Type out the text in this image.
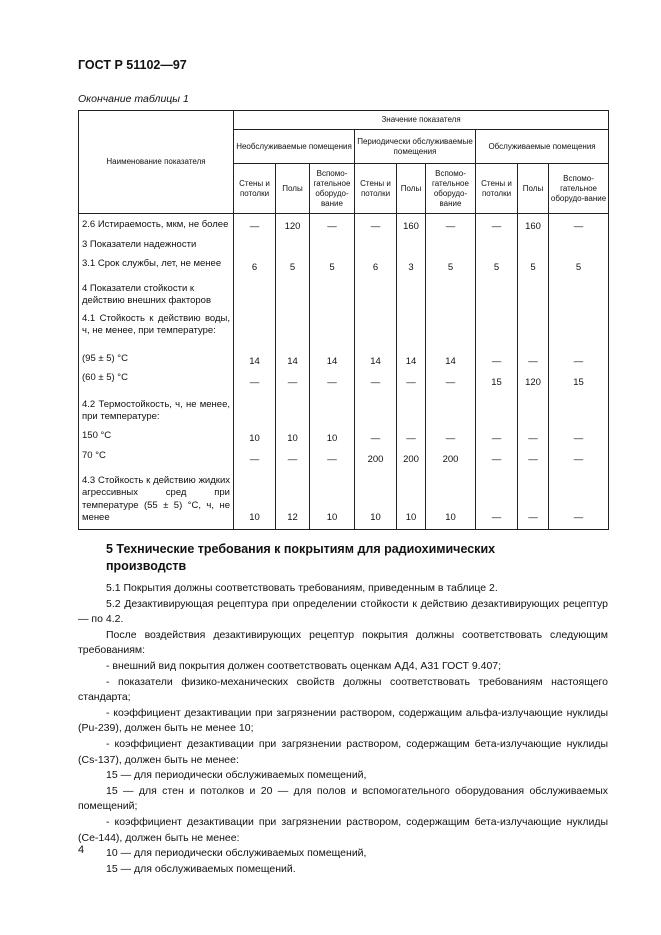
ГОСТ Р 51102—97
Окончание таблицы 1
Наименование показателя	Значение показателя								
	Необслуживаемые помещения			Периодически обслуживаемые помещения			Обслуживаемые помещения		
	Стены и потолки	Полы	Вспомо-гательное оборудо-вание	Стены и потолки	Полы	Вспомо-гательное оборудо-вание	Стены и потолки	Полы	Вспомо-гательное оборудо-вание
2.6 Истираемость, мкм, не более	—	120	—	—	160	—	—	160	—
3 Показатели надежности									
3.1 Срок службы, лет, не менее	6	5	5	6	3	5	5	5	5
4 Показатели стойкости к действию внешних факторов									
4.1 Стойкость к действию воды, ч, не менее, при температуре:									
(95 ± 5) °С	14	14	14	14	14	14	—	—	—
(60 ± 5) °С	—	—	—	—	—	—	15	120	15
4.2 Термостойкость, ч, не менее, при температуре:									
150 °С	10	10	10	—	—	—	—	—	—
70 °С	—	—	—	200	200	200	—	—	—
4.3 Стойкость к действию жидких агрессивных сред при температуре (55 ± 5) °С, ч, не менее	10	12	10	10	10	10	—	—	—
5 Технические требования к покрытиям для радиохимических производств

5.1 Покрытия должны соответствовать требованиям, приведенным в таблице 2.

5.2 Дезактивирующая рецептура при определении стойкости к действию дезактивирующих рецептур — по 4.2.

После воздействия дезактивирующих рецептур покрытия должны соответствовать следующим требованиям:

- внешний вид покрытия должен соответствовать оценкам АД4, А31 ГОСТ 9.407;

- показатели физико-механических свойств должны соответствовать требованиям настоящего стандарта;

- коэффициент дезактивации при загрязнении раствором, содержащим альфа-излучающие нуклиды (Pu-239), должен быть не менее 10;

- коэффициент дезактивации при загрязнении раствором, содержащим бета-излучающие нуклиды (Cs-137), должен быть не менее:

15 — для периодически обслуживаемых помещений,

15 — для стен и потолков и 20 — для полов и вспомогательного оборудования обслуживаемых помещений;

- коэффициент дезактивации при загрязнении раствором, содержащим бета-излучающие нуклиды (Се-144), должен быть не менее:

10 — для периодически обслуживаемых помещений,

15 — для обслуживаемых помещений.

4
